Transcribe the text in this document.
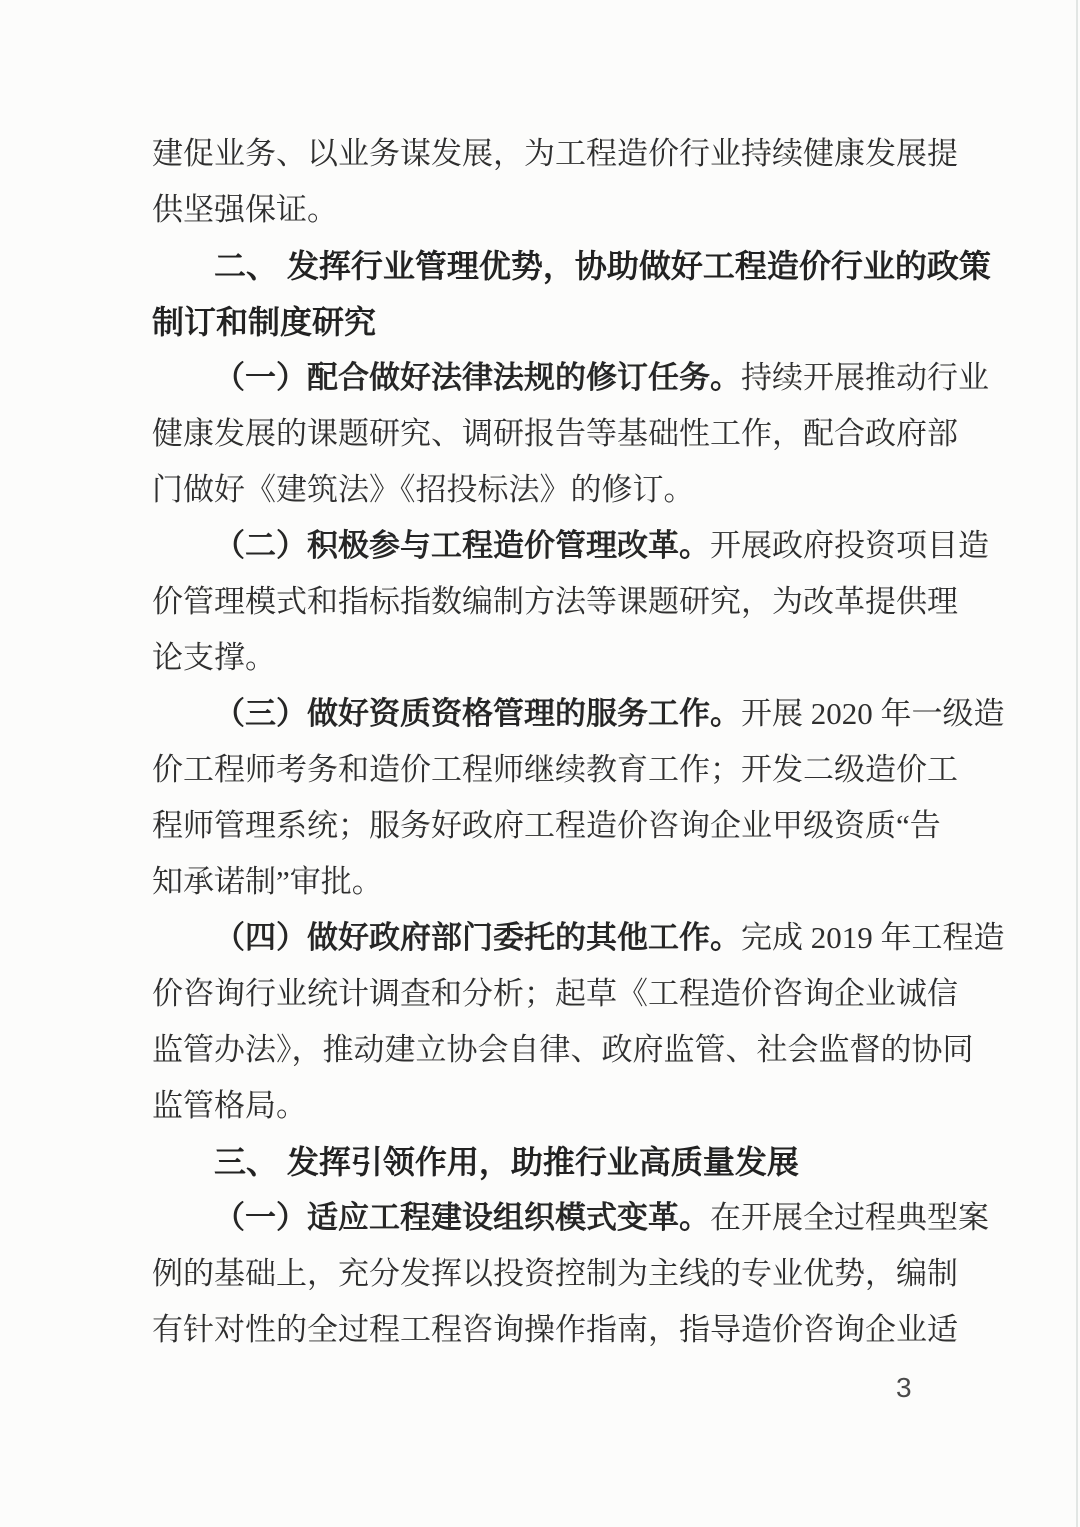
建促业务、以业务谋发展，为工程造价行业持续健康发展提
供坚强保证。
二、 发挥行业管理优势，协助做好工程造价行业的政策
制订和制度研究
（一）配合做好法律法规的修订任务。持续开展推动行业
健康发展的课题研究、调研报告等基础性工作，配合政府部
门做好《建筑法》《招投标法》的修订。
（二）积极参与工程造价管理改革。开展政府投资项目造
价管理模式和指标指数编制方法等课题研究，为改革提供理
论支撑。
（三）做好资质资格管理的服务工作。开展 2020 年一级造
价工程师考务和造价工程师继续教育工作；开发二级造价工
程师管理系统；服务好政府工程造价咨询企业甲级资质“告
知承诺制”审批。
（四）做好政府部门委托的其他工作。完成 2019 年工程造
价咨询行业统计调查和分析；起草《工程造价咨询企业诚信
监管办法》，推动建立协会自律、政府监管、社会监督的协同
监管格局。
三、 发挥引领作用，助推行业高质量发展
（一）适应工程建设组织模式变革。在开展全过程典型案
例的基础上，充分发挥以投资控制为主线的专业优势，编制
有针对性的全过程工程咨询操作指南，指导造价咨询企业适
3
